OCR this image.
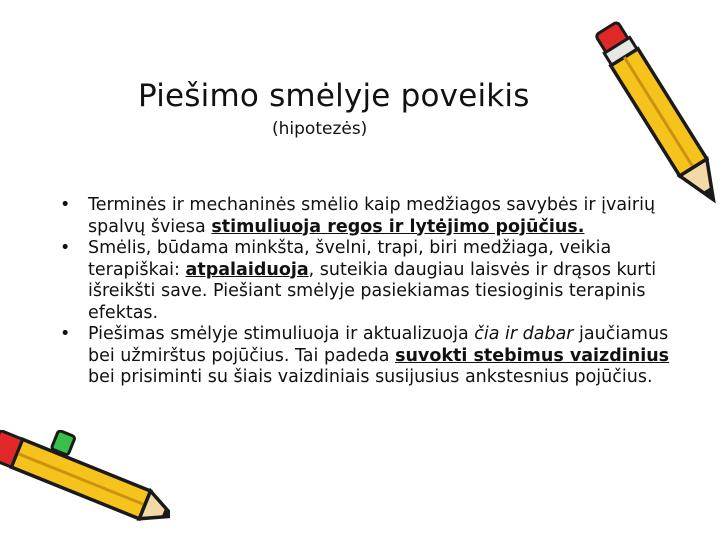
Piešimo smėlyje poveikis
(hipotezės)
• Terminės ir mechaninės smėlio kaip medžiagos savybės ir įvairių spalvų šviesa stimuliuoja regos ir lytėjimo pojūčius.
• Smėlis, būdama minkšta, švelni, trapi, biri medžiaga, veikia terapiškai: atpalaiduoja, suteikia daugiau laisvės ir drąsos kurti išreikšti save. Piešiant smėlyje pasiekiamas tiesioginis terapinis efektas.
• Piešimas smėlyje stimuliuoja ir aktualizuoja čia ir dabar jaučiamus bei užmirštus pojūčius. Tai padeda suvokti stebimus vaizdinius bei prisiminti su šiais vaizdiniais susijusius ankstesnius pojūčius.
